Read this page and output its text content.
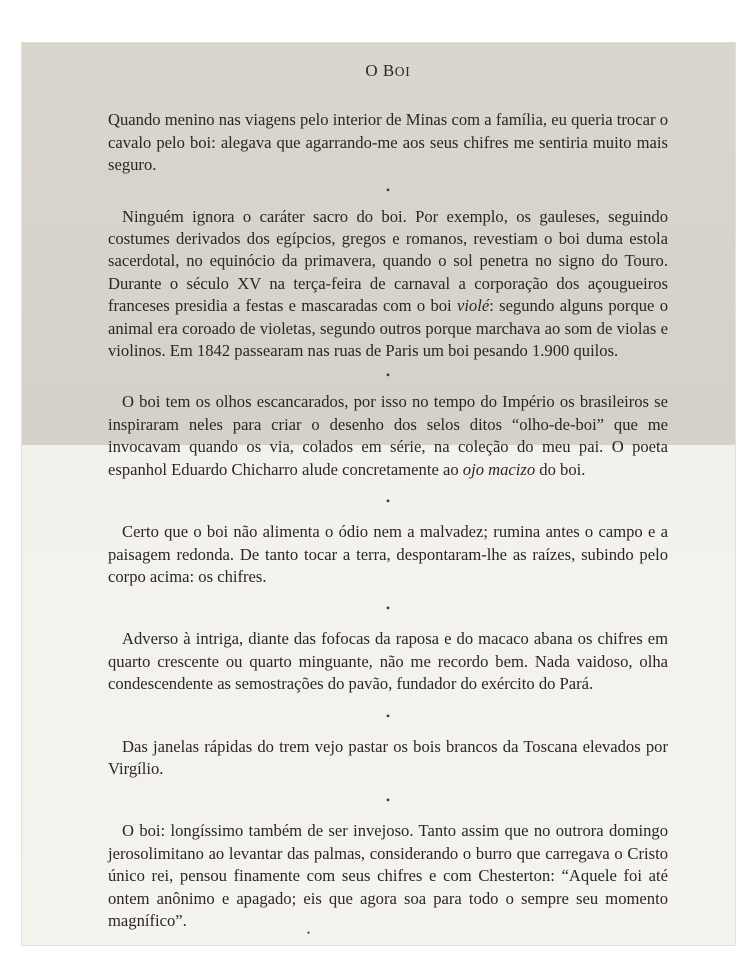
O BOI

Quando menino nas viagens pelo interior de Minas com a família, eu queria trocar o cavalo pelo boi: alegava que agarrando-me aos seus chifres me sentiria muito mais seguro.

•

Ninguém ignora o caráter sacro do boi. Por exemplo, os gauleses, seguindo costumes derivados dos egípcios, gregos e romanos, revestiam o boi duma estola sacerdotal, no equinócio da primavera, quando o sol penetra no signo do Touro. Durante o século XV na terça-feira de carnaval a corporação dos açougueiros franceses presidia a festas e mascaradas com o boi violé: segundo alguns porque o animal era coroado de violetas, segundo outros porque marchava ao som de violas e violinos. Em 1842 passearam nas ruas de Paris um boi pesando 1.900 quilos.

•

O boi tem os olhos escancarados, por isso no tempo do Império os brasileiros se inspiraram neles para criar o desenho dos selos ditos “olho-de-boi” que me invocavam quando os via, colados em série, na coleção do meu pai. O poeta espanhol Eduardo Chicharro alude concretamente ao ojo macizo do boi.

•

Certo que o boi não alimenta o ódio nem a malvadez; rumina antes o campo e a paisagem redonda. De tanto tocar a terra, despontaram-lhe as raízes, subindo pelo corpo acima: os chifres.

•

Adverso à intriga, diante das fofocas da raposa e do macaco abana os chifres em quarto crescente ou quarto minguante, não me recordo bem. Nada vaidoso, olha condescendente as semostrações do pavão, fundador do exército do Pará.

•

Das janelas rápidas do trem vejo pastar os bois brancos da Toscana elevados por Virgílio.

•

O boi: longíssimo também de ser invejoso. Tanto assim que no outrora domingo jerosolimitano ao levantar das palmas, considerando o burro que carregava o Cristo único rei, pensou finamente com seus chifres e com Chesterton: “Aquele foi até ontem anônimo e apagado; eis que agora soa para todo o sempre seu momento magnífico”.

•
